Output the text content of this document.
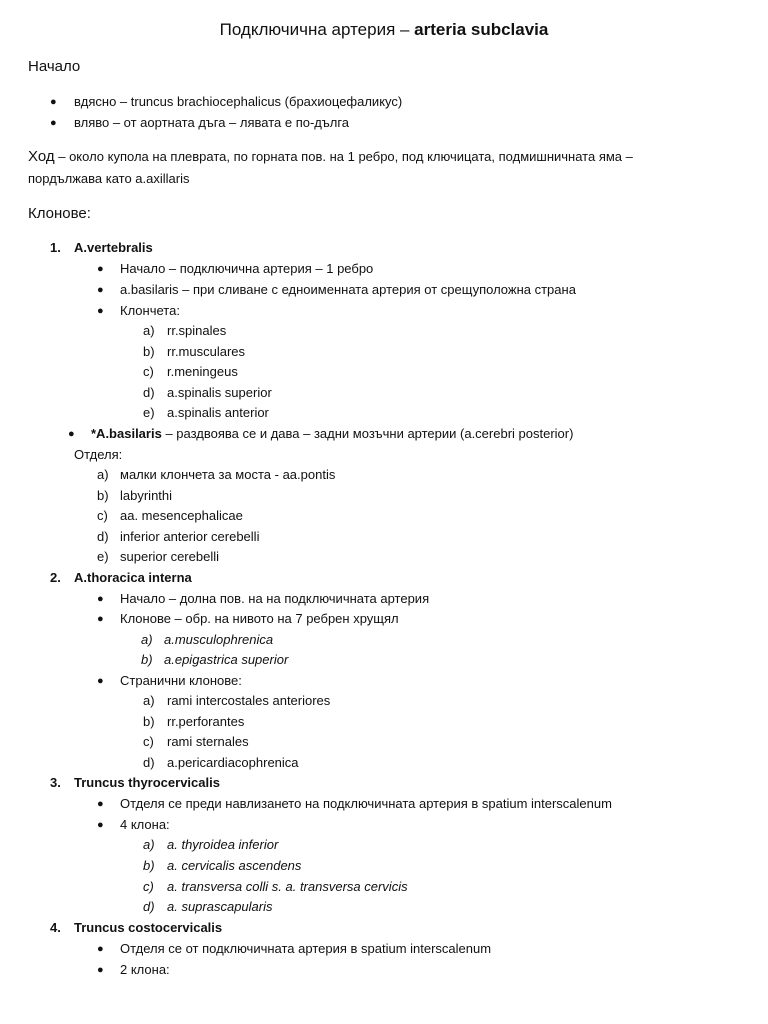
Подключична артерия – arteria subclavia
Начало
● вдясно – truncus brachiocephalicus (брахиоцефаликус)
● вляво – от аортната дъга – лявата е по-дълга
Ход – около купола на плеврата, по горната пов. на 1 ребро, под ключицата, подмишничната яма –
пордължава като a.axillaris
Клонове:
1. A.vertebralis
● Начало – подключична артерия – 1 ребро
● a.basilaris – при сливане с едноименната артерия от срещуположна страна
● Клончета:
a) rr.spinales
b) rr.musculares
c) r.meningeus
d) a.spinalis superior
e) a.spinalis anterior
● *A.basilaris – раздвоява се и дава – задни мозъчни артерии (a.cerebri posterior)
Отделя:
a) малки клончета за моста - aa.pontis
b) labyrinthi
c) aa. mesencephalicae
d) inferior anterior cerebelli
e) superior cerebelli
2. A.thoracica interna
● Начало – долна пов. на на подключичната артерия
● Клонове – обр. на нивото на 7 ребрен хрущял
a) a.musculophrenica
b) a.epigastrica superior
● Странични клонове:
a) rami intercostales anteriores
b) rr.perforantes
c) rami sternales
d) a.pericardiacophrenica
3. Truncus thyrocervicalis
● Отделя се преди навлизането на подключичната артерия в spatium interscalenum
● 4 клона:
a) a. thyroidea inferior
b) a. cervicalis ascendens
c) a. transversa colli s. a. transversa cervicis
d) a. suprascapularis
4. Truncus costocervicalis
● Отделя се от подключичната артерия в spatium interscalenum
● 2 клона:
